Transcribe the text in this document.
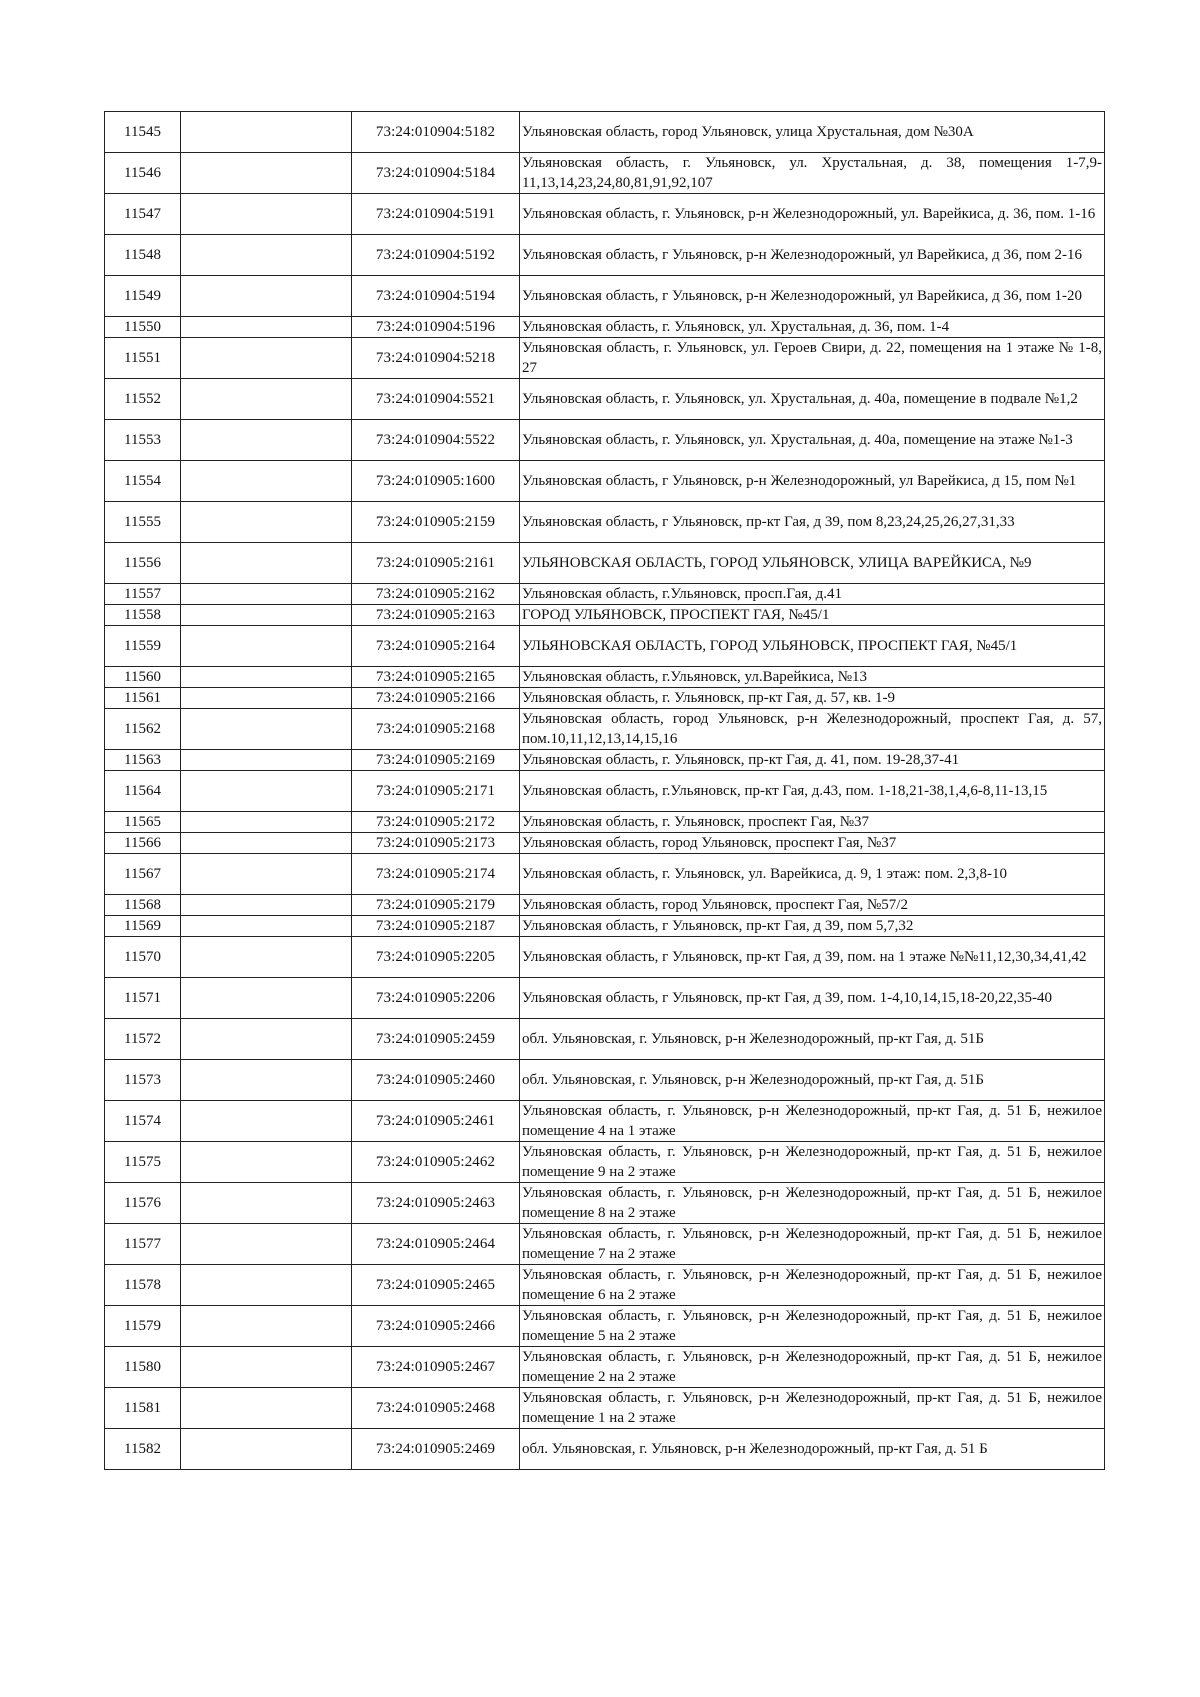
11545		73:24:010904:5182	Ульяновская область, город Ульяновск, улица Хрустальная, дом №30А
11546		73:24:010904:5184	Ульяновская область, г. Ульяновск, ул. Хрустальная, д. 38, помещения 1-7,9-11,13,14,23,24,80,81,91,92,107
11547		73:24:010904:5191	Ульяновская область, г. Ульяновск, р-н Железнодорожный, ул. Варейкиса, д. 36, пом. 1-16
11548		73:24:010904:5192	Ульяновская область, г Ульяновск, р-н Железнодорожный, ул Варейкиса, д 36, пом 2-16
11549		73:24:010904:5194	Ульяновская область, г Ульяновск, р-н Железнодорожный, ул Варейкиса, д 36, пом 1-20
11550		73:24:010904:5196	Ульяновская область, г. Ульяновск, ул. Хрустальная, д. 36, пом. 1-4
11551		73:24:010904:5218	Ульяновская область, г. Ульяновск, ул. Героев Свири, д. 22, помещения на 1 этаже № 1-8, 27
11552		73:24:010904:5521	Ульяновская область, г. Ульяновск, ул. Хрустальная, д. 40а, помещение в подвале №1,2
11553		73:24:010904:5522	Ульяновская область, г. Ульяновск, ул. Хрустальная, д. 40а, помещение на этаже №1-3
11554		73:24:010905:1600	Ульяновская область, г Ульяновск, р-н Железнодорожный, ул Варейкиса, д 15, пом №1
11555		73:24:010905:2159	Ульяновская область, г Ульяновск, пр-кт Гая, д 39, пом 8,23,24,25,26,27,31,33
11556		73:24:010905:2161	УЛЬЯНОВСКАЯ ОБЛАСТЬ, ГОРОД УЛЬЯНОВСК, УЛИЦА ВАРЕЙКИСА, №9
11557		73:24:010905:2162	Ульяновская область, г.Ульяновск, просп.Гая, д.41
11558		73:24:010905:2163	ГОРОД УЛЬЯНОВСК, ПРОСПЕКТ ГАЯ, №45/1
11559		73:24:010905:2164	УЛЬЯНОВСКАЯ ОБЛАСТЬ, ГОРОД УЛЬЯНОВСК, ПРОСПЕКТ ГАЯ, №45/1
11560		73:24:010905:2165	Ульяновская область, г.Ульяновск, ул.Варейкиса, №13
11561		73:24:010905:2166	Ульяновская область, г. Ульяновск, пр-кт Гая, д. 57, кв. 1-9
11562		73:24:010905:2168	Ульяновская область, город Ульяновск, р-н Железнодорожный, проспект Гая, д. 57, пом.10,11,12,13,14,15,16
11563		73:24:010905:2169	Ульяновская область, г. Ульяновск, пр-кт Гая, д. 41, пом. 19-28,37-41
11564		73:24:010905:2171	Ульяновская область, г.Ульяновск, пр-кт Гая, д.43, пом. 1-18,21-38,1,4,6-8,11-13,15
11565		73:24:010905:2172	Ульяновская область, г. Ульяновск, проспект Гая, №37
11566		73:24:010905:2173	Ульяновская область, город Ульяновск, проспект Гая, №37
11567		73:24:010905:2174	Ульяновская область, г. Ульяновск, ул. Варейкиса, д. 9, 1 этаж: пом. 2,3,8-10
11568		73:24:010905:2179	Ульяновская область, город Ульяновск, проспект Гая, №57/2
11569		73:24:010905:2187	Ульяновская область, г Ульяновск, пр-кт Гая, д 39, пом 5,7,32
11570		73:24:010905:2205	Ульяновская область, г Ульяновск, пр-кт Гая, д 39, пом. на 1 этаже №№11,12,30,34,41,42
11571		73:24:010905:2206	Ульяновская область, г Ульяновск, пр-кт Гая, д 39, пом. 1-4,10,14,15,18-20,22,35-40
11572		73:24:010905:2459	обл. Ульяновская, г. Ульяновск, р-н Железнодорожный, пр-кт Гая, д. 51Б
11573		73:24:010905:2460	обл. Ульяновская, г. Ульяновск, р-н Железнодорожный, пр-кт Гая, д. 51Б
11574		73:24:010905:2461	Ульяновская область, г. Ульяновск, р-н Железнодорожный, пр-кт Гая, д. 51 Б, нежилое помещение 4 на 1 этаже
11575		73:24:010905:2462	Ульяновская область, г. Ульяновск, р-н Железнодорожный, пр-кт Гая, д. 51 Б, нежилое помещение 9 на 2 этаже
11576		73:24:010905:2463	Ульяновская область, г. Ульяновск, р-н Железнодорожный, пр-кт Гая, д. 51 Б, нежилое помещение 8 на 2 этаже
11577		73:24:010905:2464	Ульяновская область, г. Ульяновск, р-н Железнодорожный, пр-кт Гая, д. 51 Б, нежилое помещение 7 на 2 этаже
11578		73:24:010905:2465	Ульяновская область, г. Ульяновск, р-н Железнодорожный, пр-кт Гая, д. 51 Б, нежилое помещение 6 на 2 этаже
11579		73:24:010905:2466	Ульяновская область, г. Ульяновск, р-н Железнодорожный, пр-кт Гая, д. 51 Б, нежилое помещение 5 на 2 этаже
11580		73:24:010905:2467	Ульяновская область, г. Ульяновск, р-н Железнодорожный, пр-кт Гая, д. 51 Б, нежилое помещение 2 на 2 этаже
11581		73:24:010905:2468	Ульяновская область, г. Ульяновск, р-н Железнодорожный, пр-кт Гая, д. 51 Б, нежилое помещение 1 на 2 этаже
11582		73:24:010905:2469	обл. Ульяновская, г. Ульяновск, р-н Железнодорожный, пр-кт Гая, д. 51 Б
